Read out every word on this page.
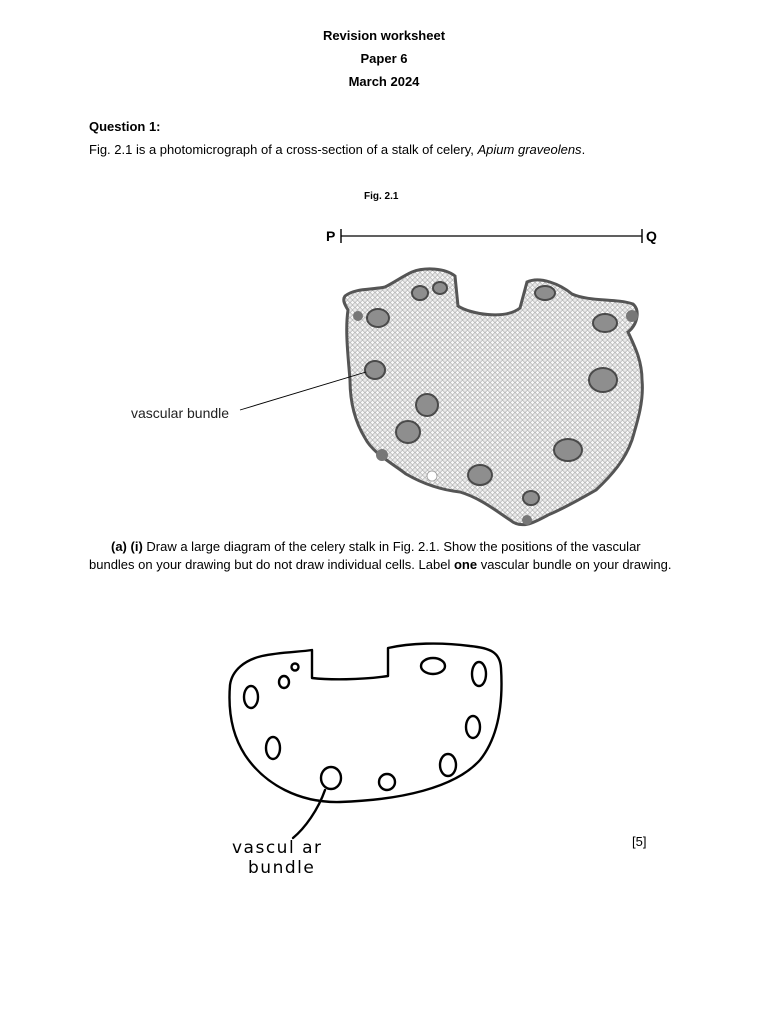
Revision worksheet
Paper 6
March 2024
Question 1:
Fig. 2.1 is a photomicrograph of a cross-section of a stalk of celery, Apium graveolens.
Fig. 2.1
P	Q
vascular bundle
(a) (i) Draw a large diagram of the celery stalk in Fig. 2.1. Show the positions of the vascular bundles on your drawing but do not draw individual cells. Label one vascular bundle on your drawing.
vascul ar
bundle
[5]
